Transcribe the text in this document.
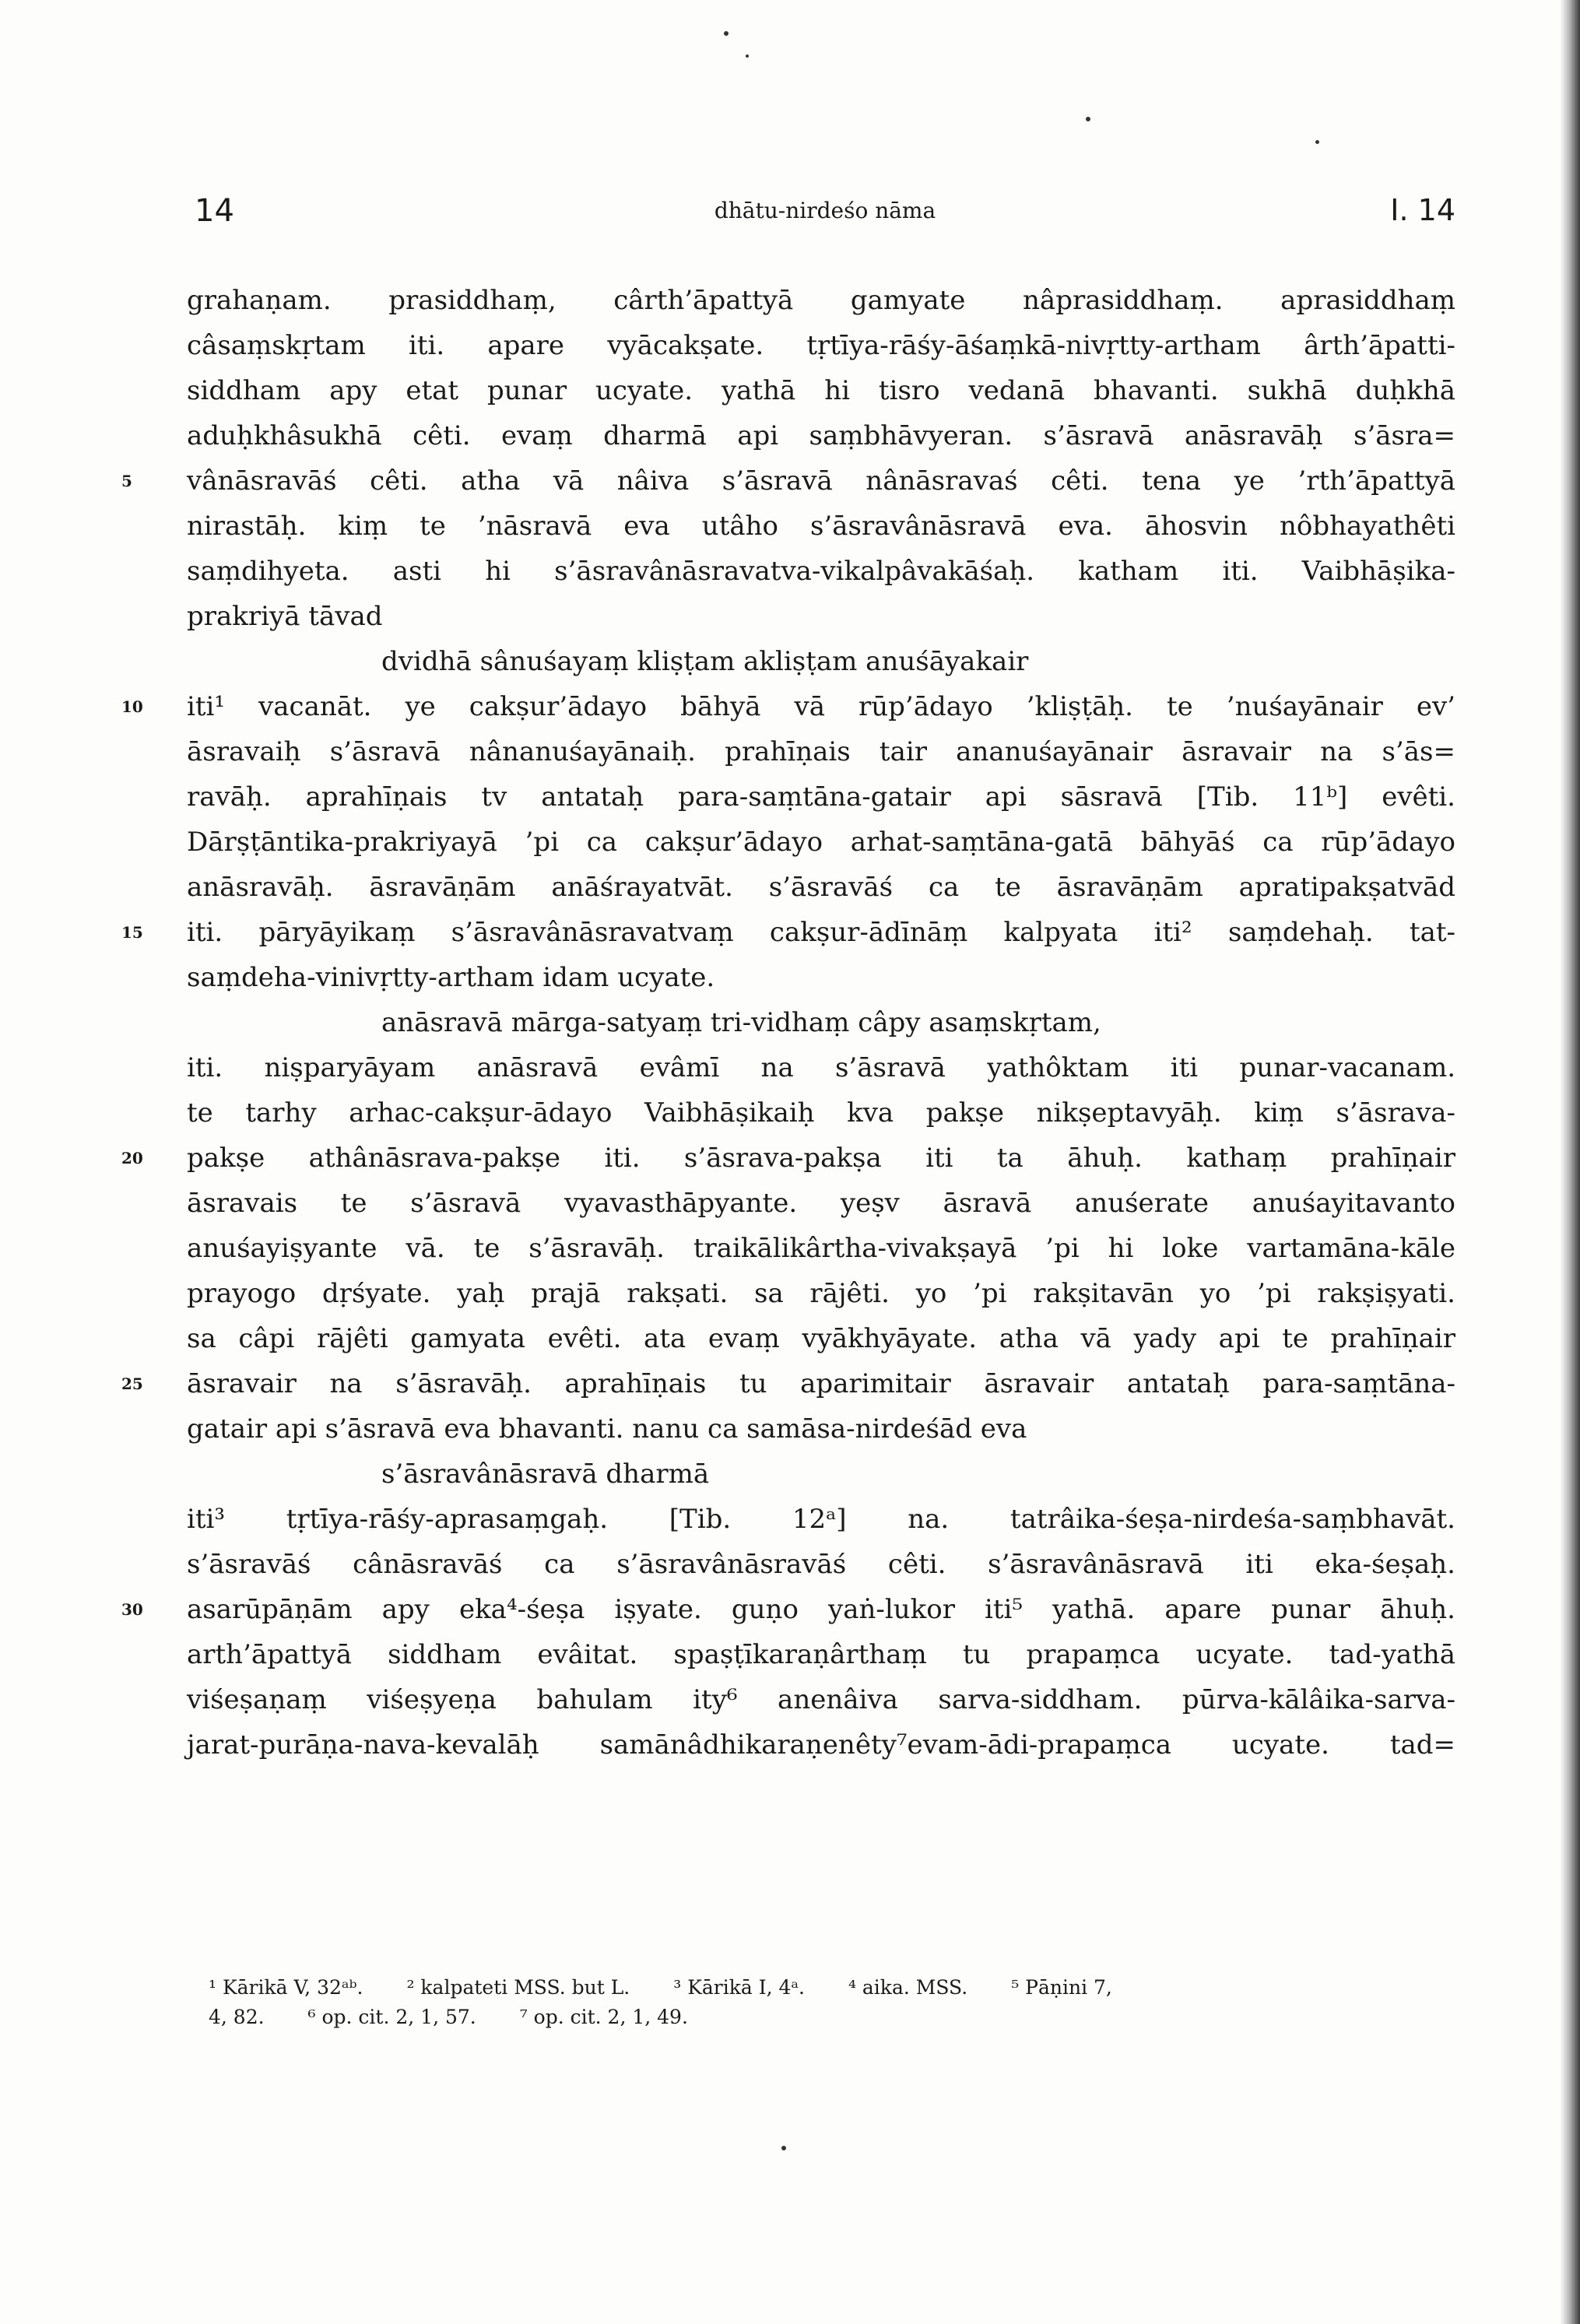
14	dhātu-nirdeśo nāma	I. 14
grahaṇam. prasiddhaṃ, cârth’āpattyā gamyate nâprasiddhaṃ. aprasiddhaṃ
câsaṃskṛtam iti. apare vyācakṣate. tṛtīya-rāśy-āśaṃkā-nivṛtty-artham ârth’āpatti-
siddham apy etat punar ucyate. yathā hi tisro vedanā bhavanti. sukhā duḥkhā
aduḥkhâsukhā cêti. evaṃ dharmā api saṃbhāvyeran. s’āsravā anāsravāḥ s’āsra=
5	vânāsravāś cêti. atha vā nâiva s’āsravā nânāsravaś cêti. tena ye ’rth’āpattyā
nirastāḥ. kiṃ te ’nāsravā eva utâho s’āsravânāsravā eva. āhosvin nôbhayathêti
saṃdihyeta. asti hi s’āsravânāsravatva-vikalpâvakāśaḥ. katham iti. Vaibhāṣika-
prakriyā tāvad
dvidhā sânuśayaṃ kliṣṭam akliṣṭam anuśāyakair
10	iti¹ vacanāt. ye cakṣur’ādayo bāhyā vā rūp’ādayo ’kliṣṭāḥ. te ’nuśayānair ev’
āsravaiḥ s’āsravā nânanuśayānaiḥ. prahīṇais tair ananuśayānair āsravair na s’ās=
ravāḥ. aprahīṇais tv antataḥ para-saṃtāna-gatair api sāsravā [Tib. 11ᵇ] evêti.
Dārṣṭāntika-prakriyayā ’pi ca cakṣur’ādayo arhat-saṃtāna-gatā bāhyāś ca rūp’ādayo
anāsravāḥ. āsravāṇām anāśrayatvāt. s’āsravāś ca te āsravāṇām apratipakṣatvād
15	iti. pāryāyikaṃ s’āsravânāsravatvaṃ cakṣur-ādīnāṃ kalpyata iti² saṃdehaḥ. tat-
saṃdeha-vinivṛtty-artham idam ucyate.
anāsravā mārga-satyaṃ tri-vidhaṃ câpy asaṃskṛtam,
iti. niṣparyāyam anāsravā evâmī na s’āsravā yathôktam iti punar-vacanam.
te tarhy arhac-cakṣur-ādayo Vaibhāṣikaiḥ kva pakṣe nikṣeptavyāḥ. kiṃ s’āsrava-
20	pakṣe athânāsrava-pakṣe iti. s’āsrava-pakṣa iti ta āhuḥ. kathaṃ prahīṇair
āsravais te s’āsravā vyavasthāpyante. yeṣv āsravā anuśerate anuśayitavanto
anuśayiṣyante vā. te s’āsravāḥ. traikālikârtha-vivakṣayā ’pi hi loke vartamāna-kāle
prayogo dṛśyate. yaḥ prajā rakṣati. sa rājêti. yo ’pi rakṣitavān yo ’pi rakṣiṣyati.
sa câpi rājêti gamyata evêti. ata evaṃ vyākhyāyate. atha vā yady api te prahīṇair
25	āsravair na s’āsravāḥ. aprahīṇais tu aparimitair āsravair antataḥ para-saṃtāna-
gatair api s’āsravā eva bhavanti. nanu ca samāsa-nirdeśād eva
s’āsravânāsravā dharmā
iti³ tṛtīya-rāśy-aprasaṃgaḥ. [Tib. 12ᵃ] na. tatrâika-śeṣa-nirdeśa-saṃbhavāt.
s’āsravāś cânāsravāś ca s’āsravânāsravāś cêti. s’āsravânāsravā iti eka-śeṣaḥ.
30	asarūpāṇām apy eka⁴-śeṣa iṣyate. guṇo yaṅ-lukor iti⁵ yathā. apare punar āhuḥ.
arth’āpattyā siddham evâitat. spaṣṭīkaraṇârthaṃ tu prapaṃca ucyate. tad-yathā
viśeṣaṇaṃ viśeṣyeṇa bahulam ity⁶ anenâiva sarva-siddham. pūrva-kālâika-sarva-
jarat-purāṇa-nava-kevalāḥ samānâdhikaraṇenêty⁷evam-ādi-prapaṃca ucyate. tad=
¹ Kārikā V, 32ᵃᵇ. ² kalpateti MSS. but L. ³ Kārikā I, 4ᵃ. ⁴ aika. MSS. ⁵ Pāṇini 7,
4, 82. ⁶ op. cit. 2, 1, 57. ⁷ op. cit. 2, 1, 49.
